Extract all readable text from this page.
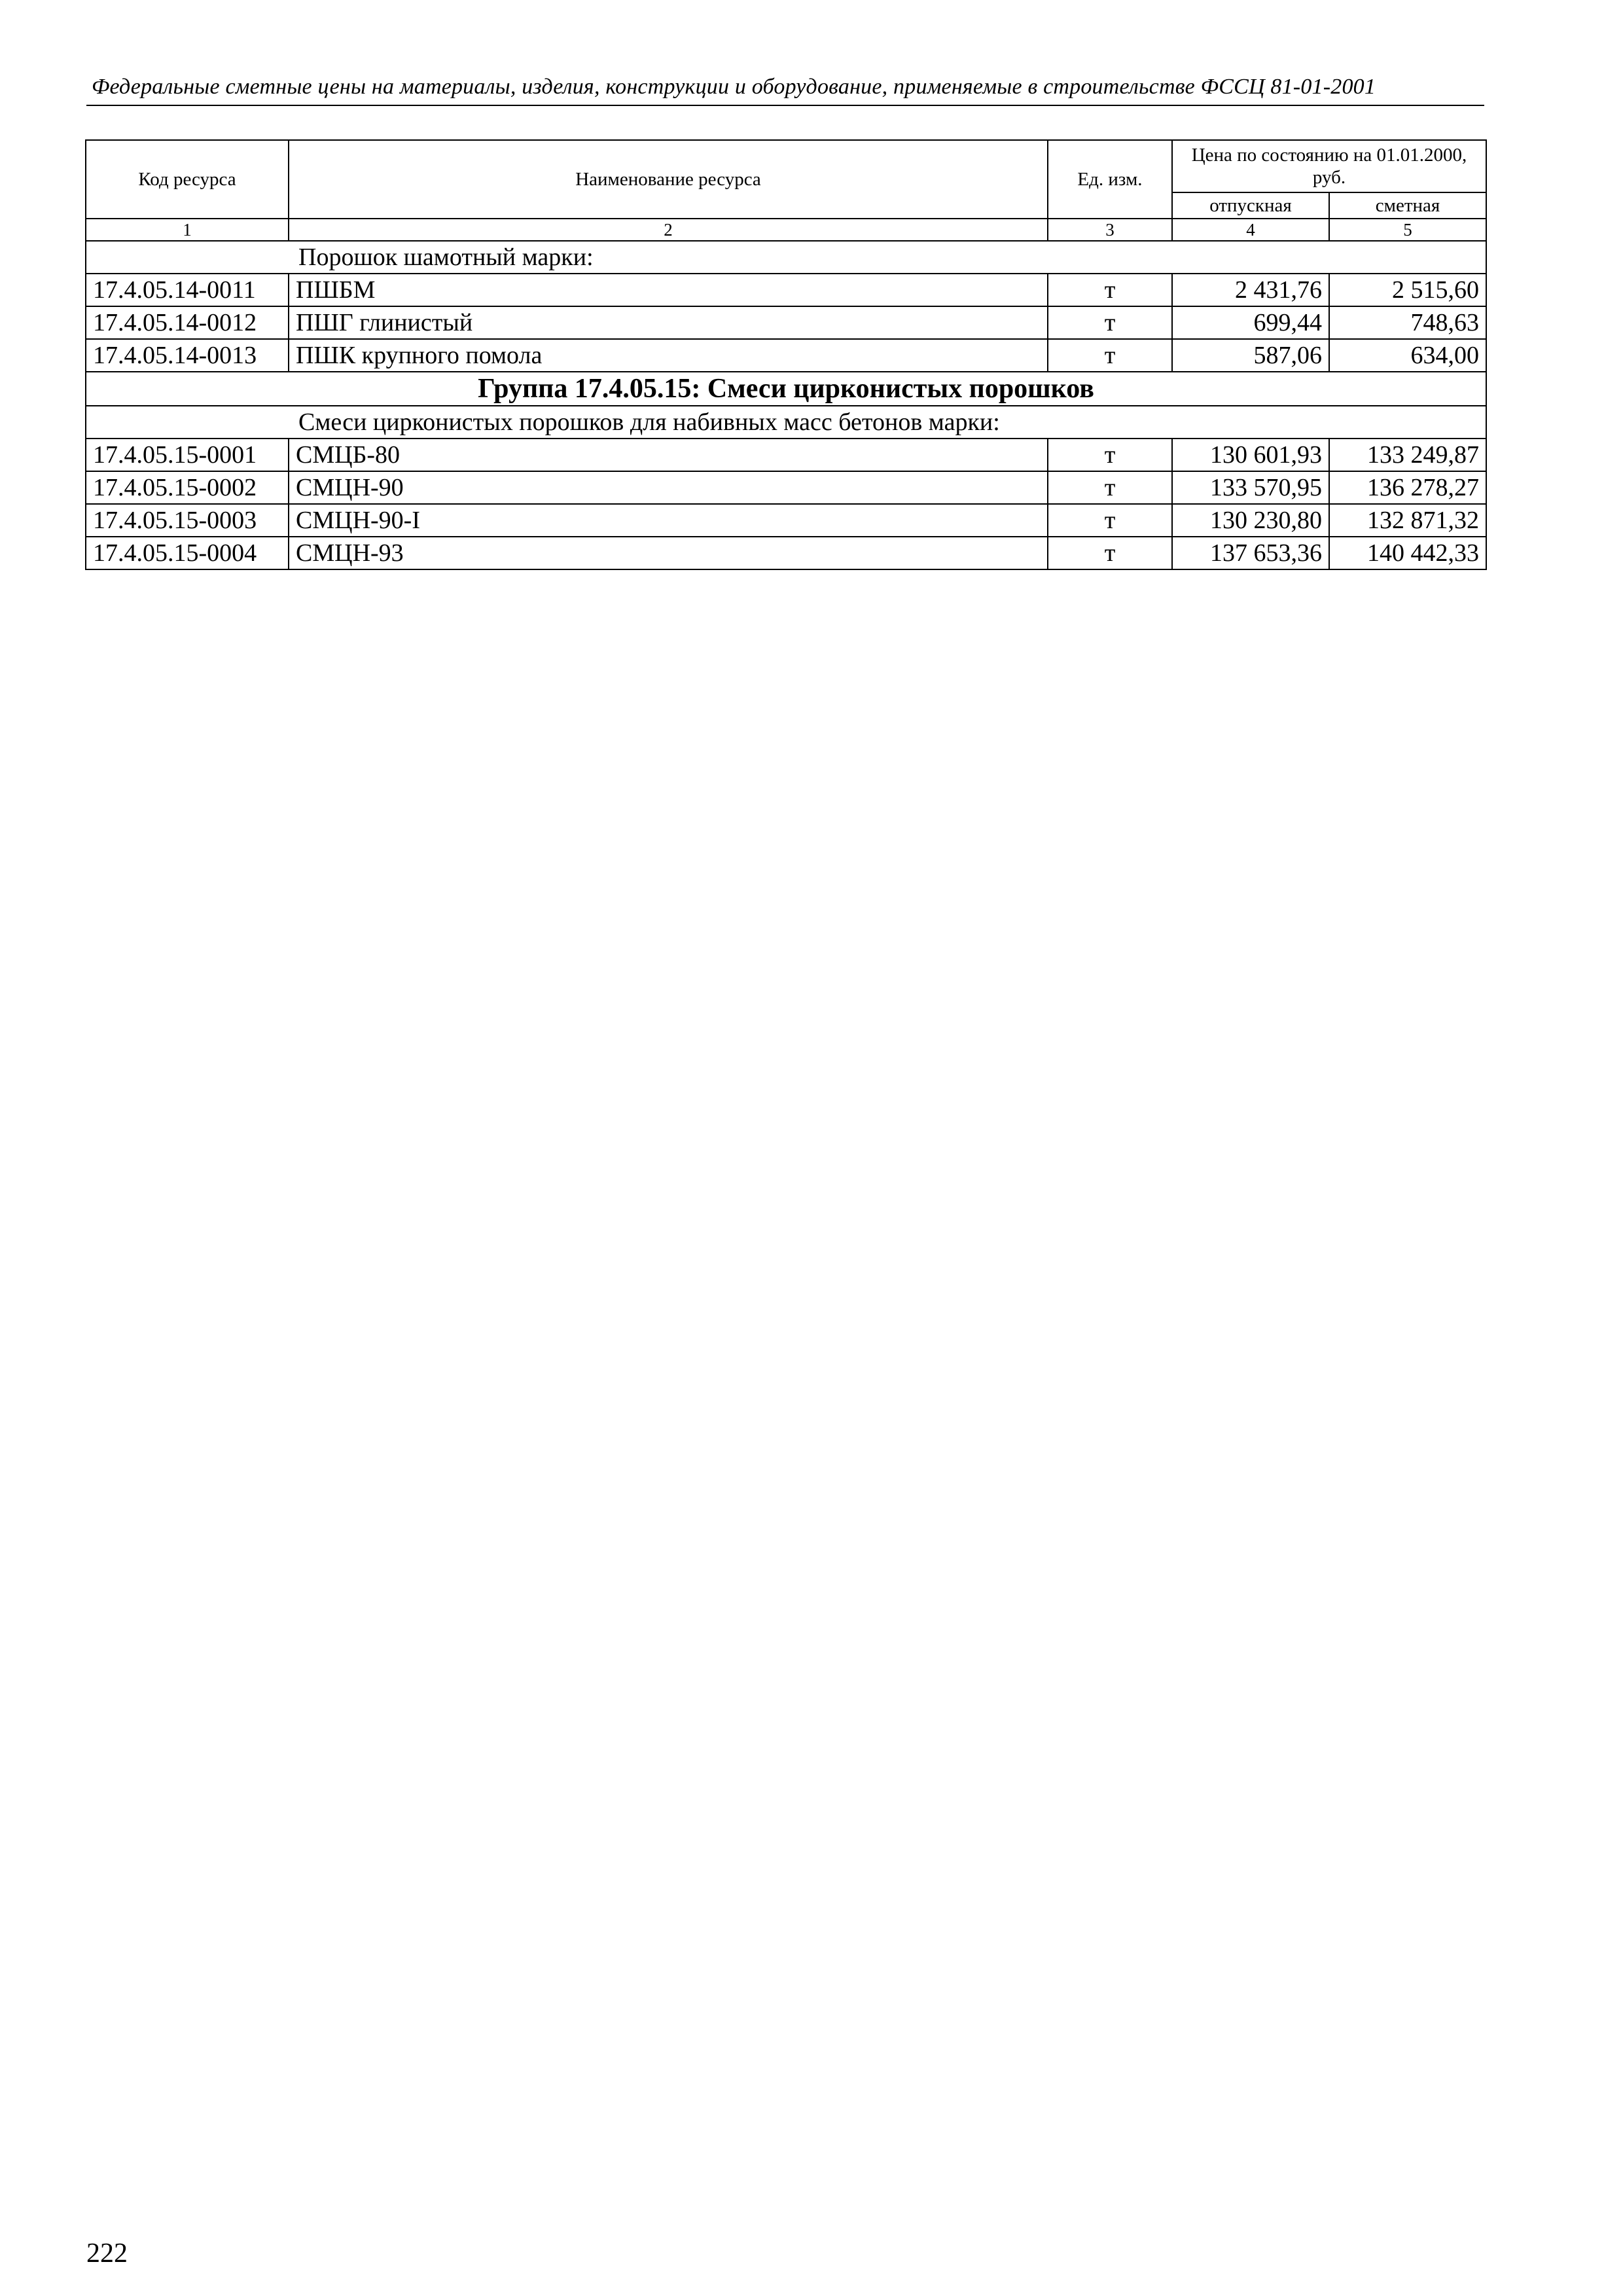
Федеральные сметные цены на материалы, изделия, конструкции и оборудование, применяемые в строительстве ФССЦ 81-01-2001
Код ресурса	Наименование ресурса	Ед. изм.	Цена по состоянию на 01.01.2000, руб.	
			отпускная	сметная
1	2	3	4	5
Порошок шамотный марки:				
17.4.05.14-0011	ПШБМ	т	2 431,76	2 515,60
17.4.05.14-0012	ПШГ глинистый	т	699,44	748,63
17.4.05.14-0013	ПШК крупного помола	т	587,06	634,00
Группа 17.4.05.15: Смеси цирконистых порошков				
Смеси цирконистых порошков для набивных масс бетонов марки:				
17.4.05.15-0001	СМЦБ-80	т	130 601,93	133 249,87
17.4.05.15-0002	СМЦН-90	т	133 570,95	136 278,27
17.4.05.15-0003	СМЦН-90-I	т	130 230,80	132 871,32
17.4.05.15-0004	СМЦН-93	т	137 653,36	140 442,33
222
